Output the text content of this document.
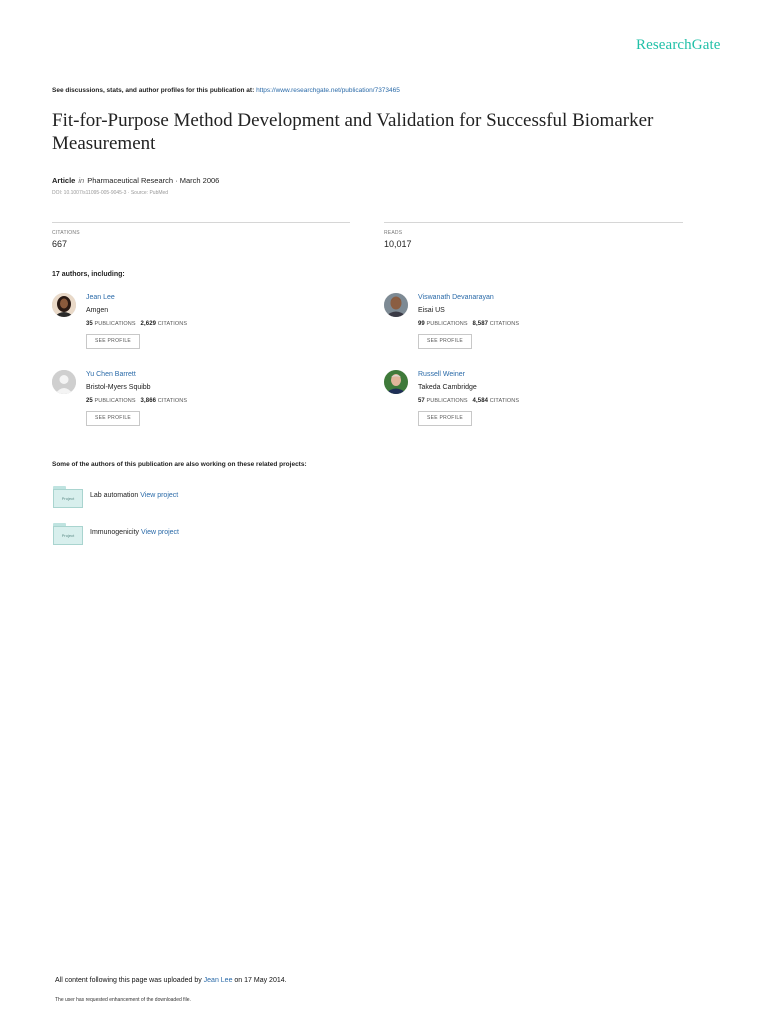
ResearchGate
See discussions, stats, and author profiles for this publication at: https://www.researchgate.net/publication/7373465
Fit-for-Purpose Method Development and Validation for Successful Biomarker Measurement
Article in Pharmaceutical Research · March 2006
DOI: 10.1007/s11095-005-9045-3 · Source: PubMed
CITATIONS
667
READS
10,017
17 authors, including:
Jean Lee
Amgen
35 PUBLICATIONS 2,629 CITATIONS
SEE PROFILE
Viswanath Devanarayan
Eisai US
99 PUBLICATIONS 8,587 CITATIONS
SEE PROFILE
Yu Chen Barrett
Bristol-Myers Squibb
25 PUBLICATIONS 3,866 CITATIONS
SEE PROFILE
Russell Weiner
Takeda Cambridge
57 PUBLICATIONS 4,584 CITATIONS
SEE PROFILE
Some of the authors of this publication are also working on these related projects:
Project	Lab automation View project
Project	Immunogenicity View project
All content following this page was uploaded by Jean Lee on 17 May 2014.
The user has requested enhancement of the downloaded file.
